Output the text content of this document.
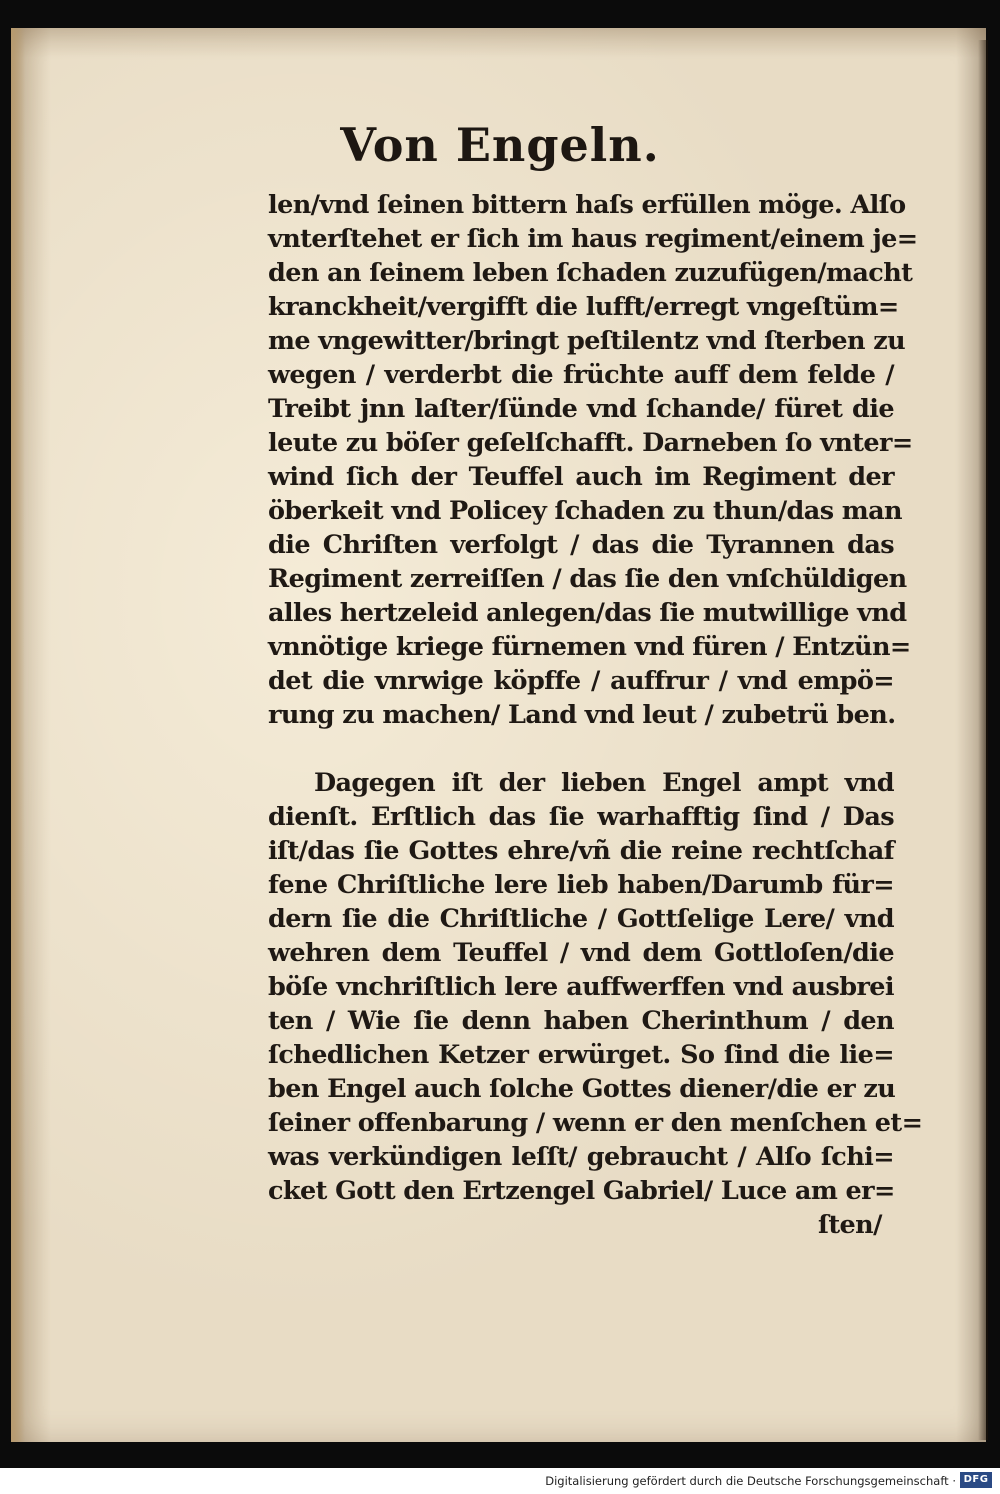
Von Engeln.
len/vnd ſeinen bittern haſs erfüllen möge. Alſo
vnterſtehet er ſich im haus regiment/einem je=
den an ſeinem leben ſchaden zuzufügen/macht
kranckheit/vergifft die lufft/erregt vngeſtüm=
me vngewitter/bringt peſtilentz vnd ſterben zu
wegen / verderbt die früchte auff dem felde /
Treibt jnn laſter/ſünde vnd ſchande/ füret die
leute zu böſer geſelſchafft. Darneben ſo vnter=
wind ſich der Teuffel auch im Regiment der
öberkeit vnd Policey ſchaden zu thun/das man
die Chriſten verfolgt / das die Tyrannen das
Regiment zerreiſſen / das ſie den vnſchüldigen
alles hertzeleid anlegen/das ſie mutwillige vnd
vnnötige kriege fürnemen vnd füren / Entzün=
det die vnrwige köpffe / auffrur / vnd empö=
rung zu machen/ Land vnd leut / zubetrü ben.
Dagegen iſt der lieben Engel ampt vnd
dienſt. Erſtlich das ſie warhafftig ſind / Das
iſt/das ſie Gottes ehre/vñ die reine rechtſchaf
fene Chriſtliche lere lieb haben/Darumb für=
dern ſie die Chriſtliche / Gottſelige Lere/ vnd
wehren dem Teuffel / vnd dem Gottloſen/die
böſe vnchriſtlich lere auffwerffen vnd ausbrei
ten / Wie ſie denn haben Cherinthum / den
ſchedlichen Ketzer erwürget. So ſind die lie=
ben Engel auch ſolche Gottes diener/die er zu
ſeiner offenbarung / wenn er den menſchen et=
was verkündigen leſſt/ gebraucht / Alſo ſchi=
cket Gott den Ertzengel Gabriel/ Luce am er=
ſten/
Digitalisierung gefördert durch die Deutsche Forschungsgemeinschaft · DFG
